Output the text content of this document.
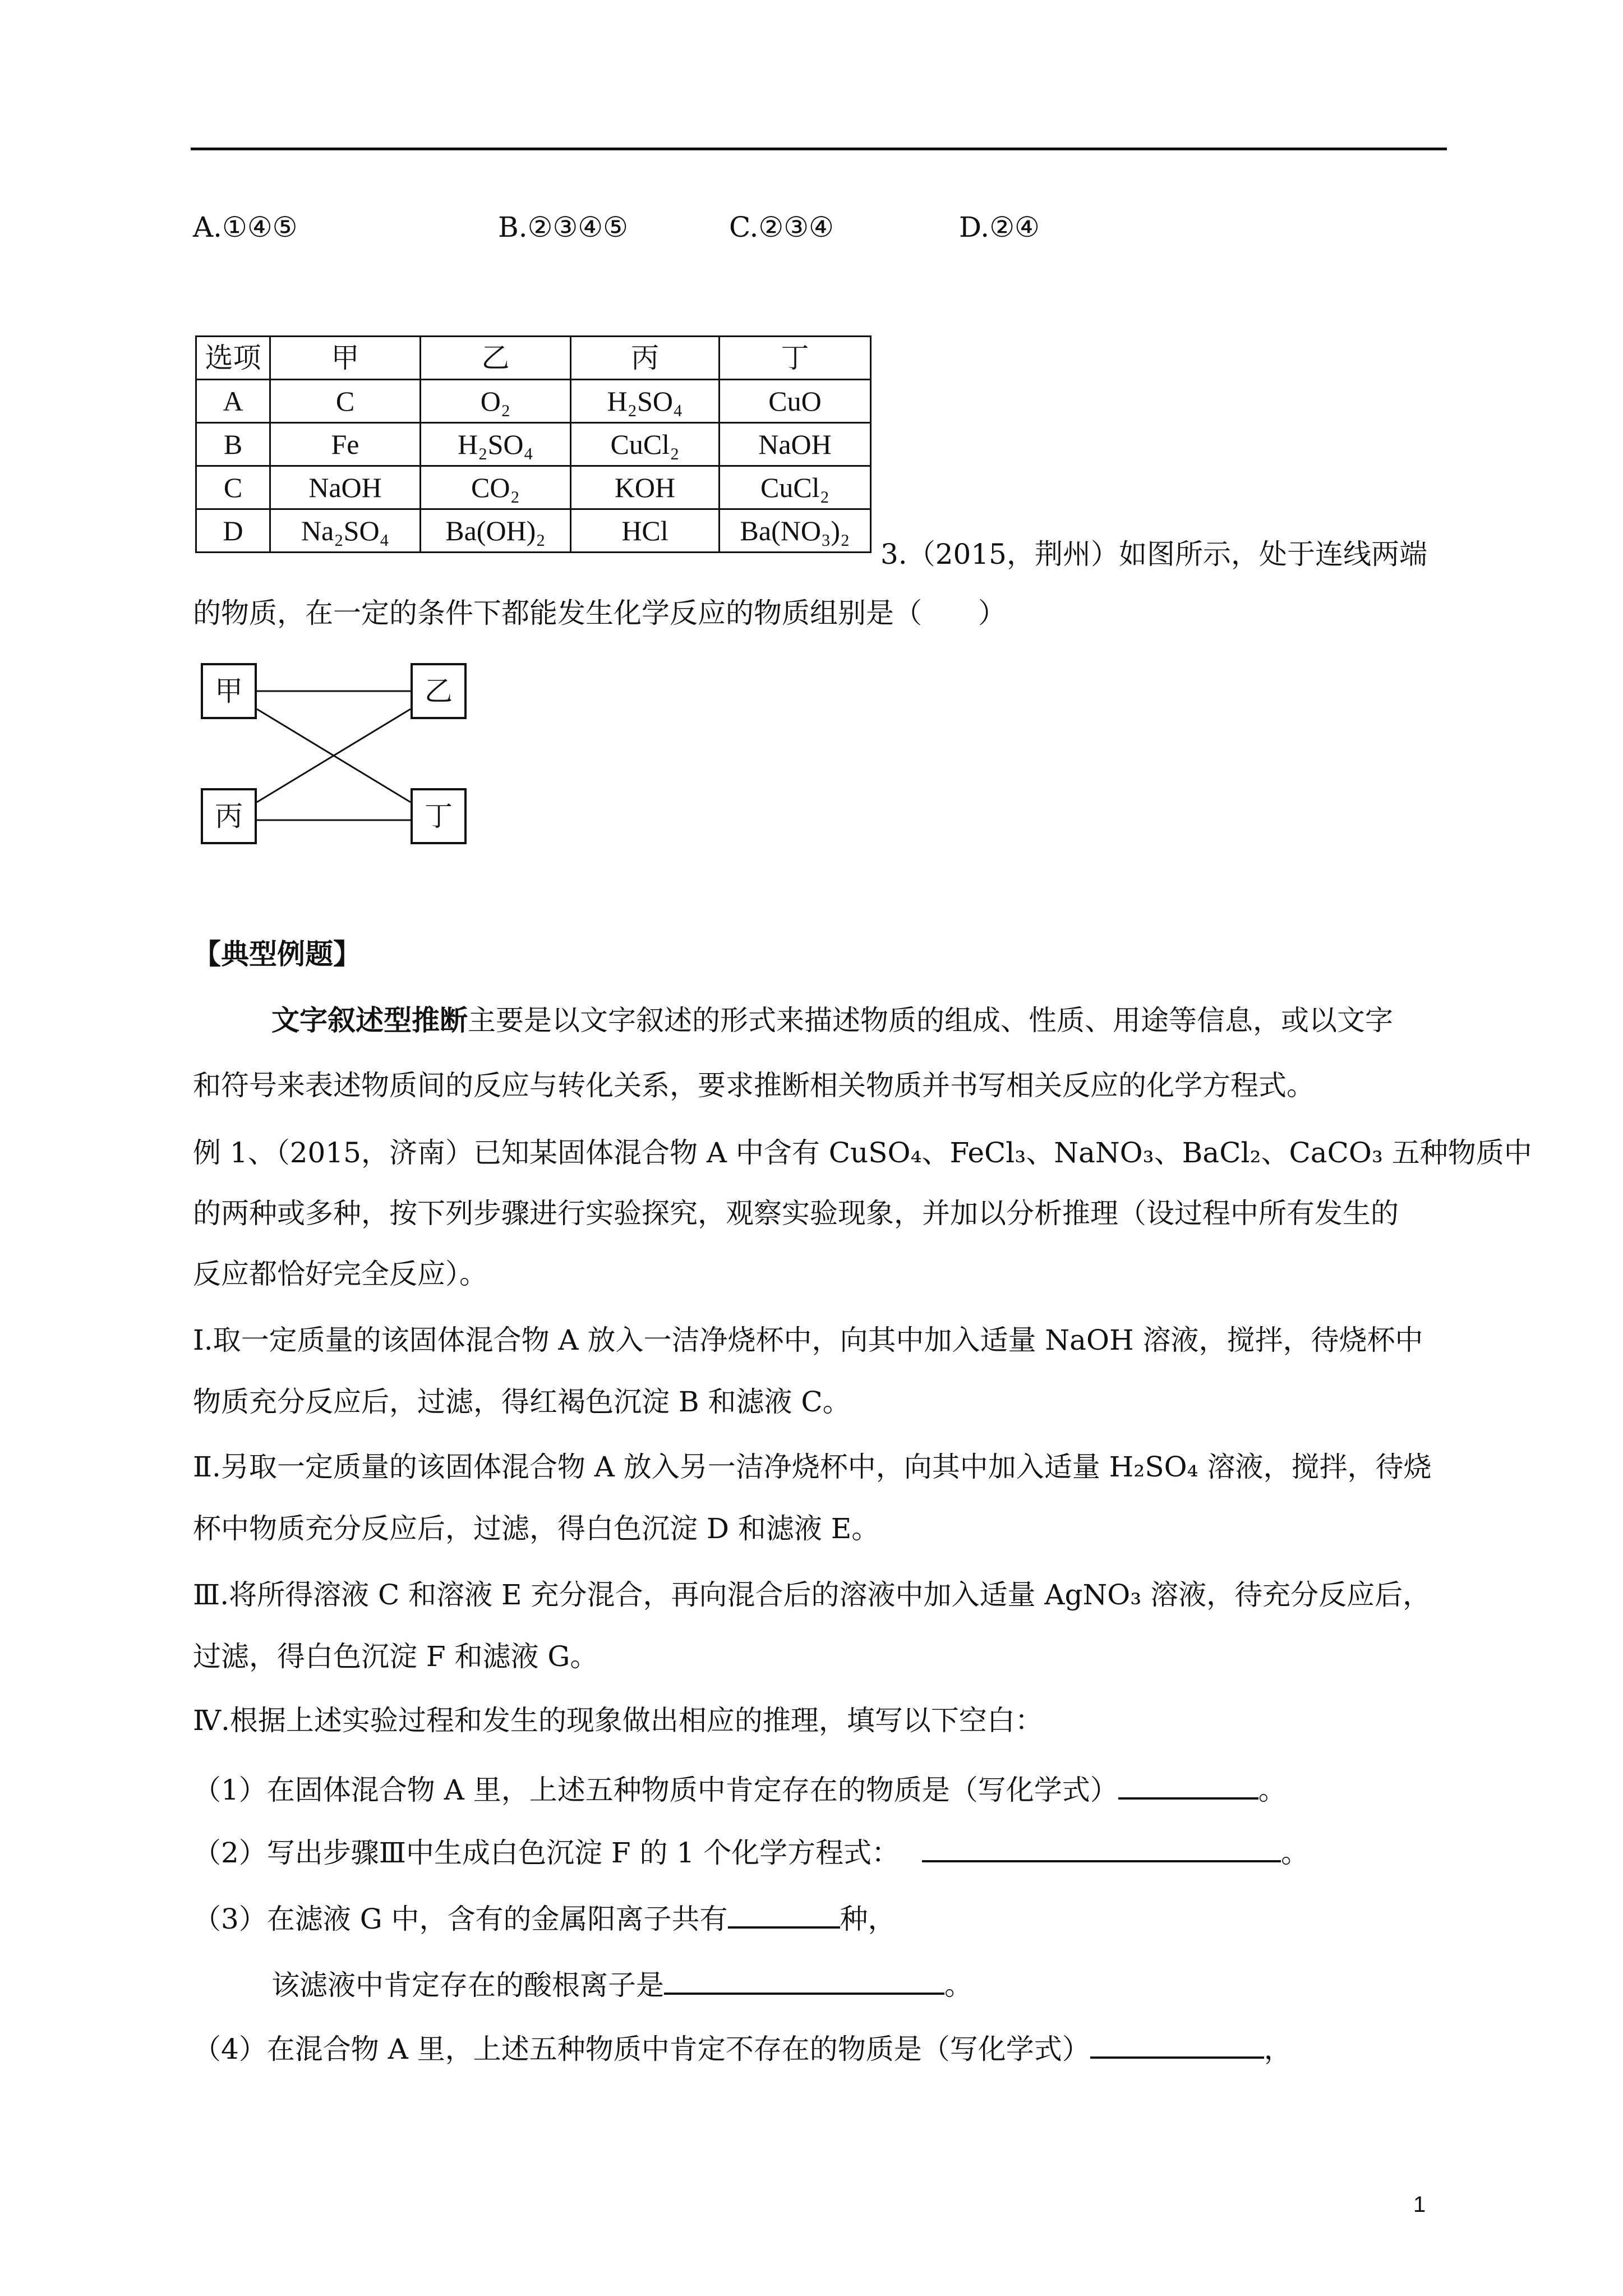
A.①④⑤	B.②③④⑤	C.②③④	D.②④
选项	甲	乙	丙	丁
A	C	O₂	H₂SO₄	CuO
B	Fe	H₂SO₄	CuCl₂	NaOH
C	NaOH	CO₂	KOH	CuCl₂
D	Na₂SO₄	Ba(OH)₂	HCl	Ba(NO₃)₂
3.（2015，荆州）如图所示，处于连线两端
的物质，在一定的条件下都能发生化学反应的物质组别是（　　）
甲	乙
丙	丁
【典型例题】
文字叙述型推断主要是以文字叙述的形式来描述物质的组成、性质、用途等信息，或以文字
和符号来表述物质间的反应与转化关系，要求推断相关物质并书写相关反应的化学方程式。
例 1、（2015，济南）已知某固体混合物 A 中含有 CuSO₄、FeCl₃、NaNO₃、BaCl₂、CaCO₃ 五种物质中
的两种或多种，按下列步骤进行实验探究，观察实验现象，并加以分析推理（设过程中所有发生的
反应都恰好完全反应）。
Ⅰ.取一定质量的该固体混合物 A 放入一洁净烧杯中，向其中加入适量 NaOH 溶液，搅拌，待烧杯中
物质充分反应后，过滤，得红褐色沉淀 B 和滤液 C。
Ⅱ.另取一定质量的该固体混合物 A 放入另一洁净烧杯中，向其中加入适量 H₂SO₄ 溶液，搅拌，待烧
杯中物质充分反应后，过滤，得白色沉淀 D 和滤液 E。
Ⅲ.将所得溶液 C 和溶液 E 充分混合，再向混合后的溶液中加入适量 AgNO₃ 溶液，待充分反应后，
过滤，得白色沉淀 F 和滤液 G。
Ⅳ.根据上述实验过程和发生的现象做出相应的推理，填写以下空白：
（1）在固体混合物 A 里，上述五种物质中肯定存在的物质是（写化学式）	。
（2）写出步骤Ⅲ中生成白色沉淀 F 的 1 个化学方程式：	。
（3）在滤液 G 中，含有的金属阳离子共有	种，
该滤液中肯定存在的酸根离子是	。
（4）在混合物 A 里，上述五种物质中肯定不存在的物质是（写化学式）	，
1
